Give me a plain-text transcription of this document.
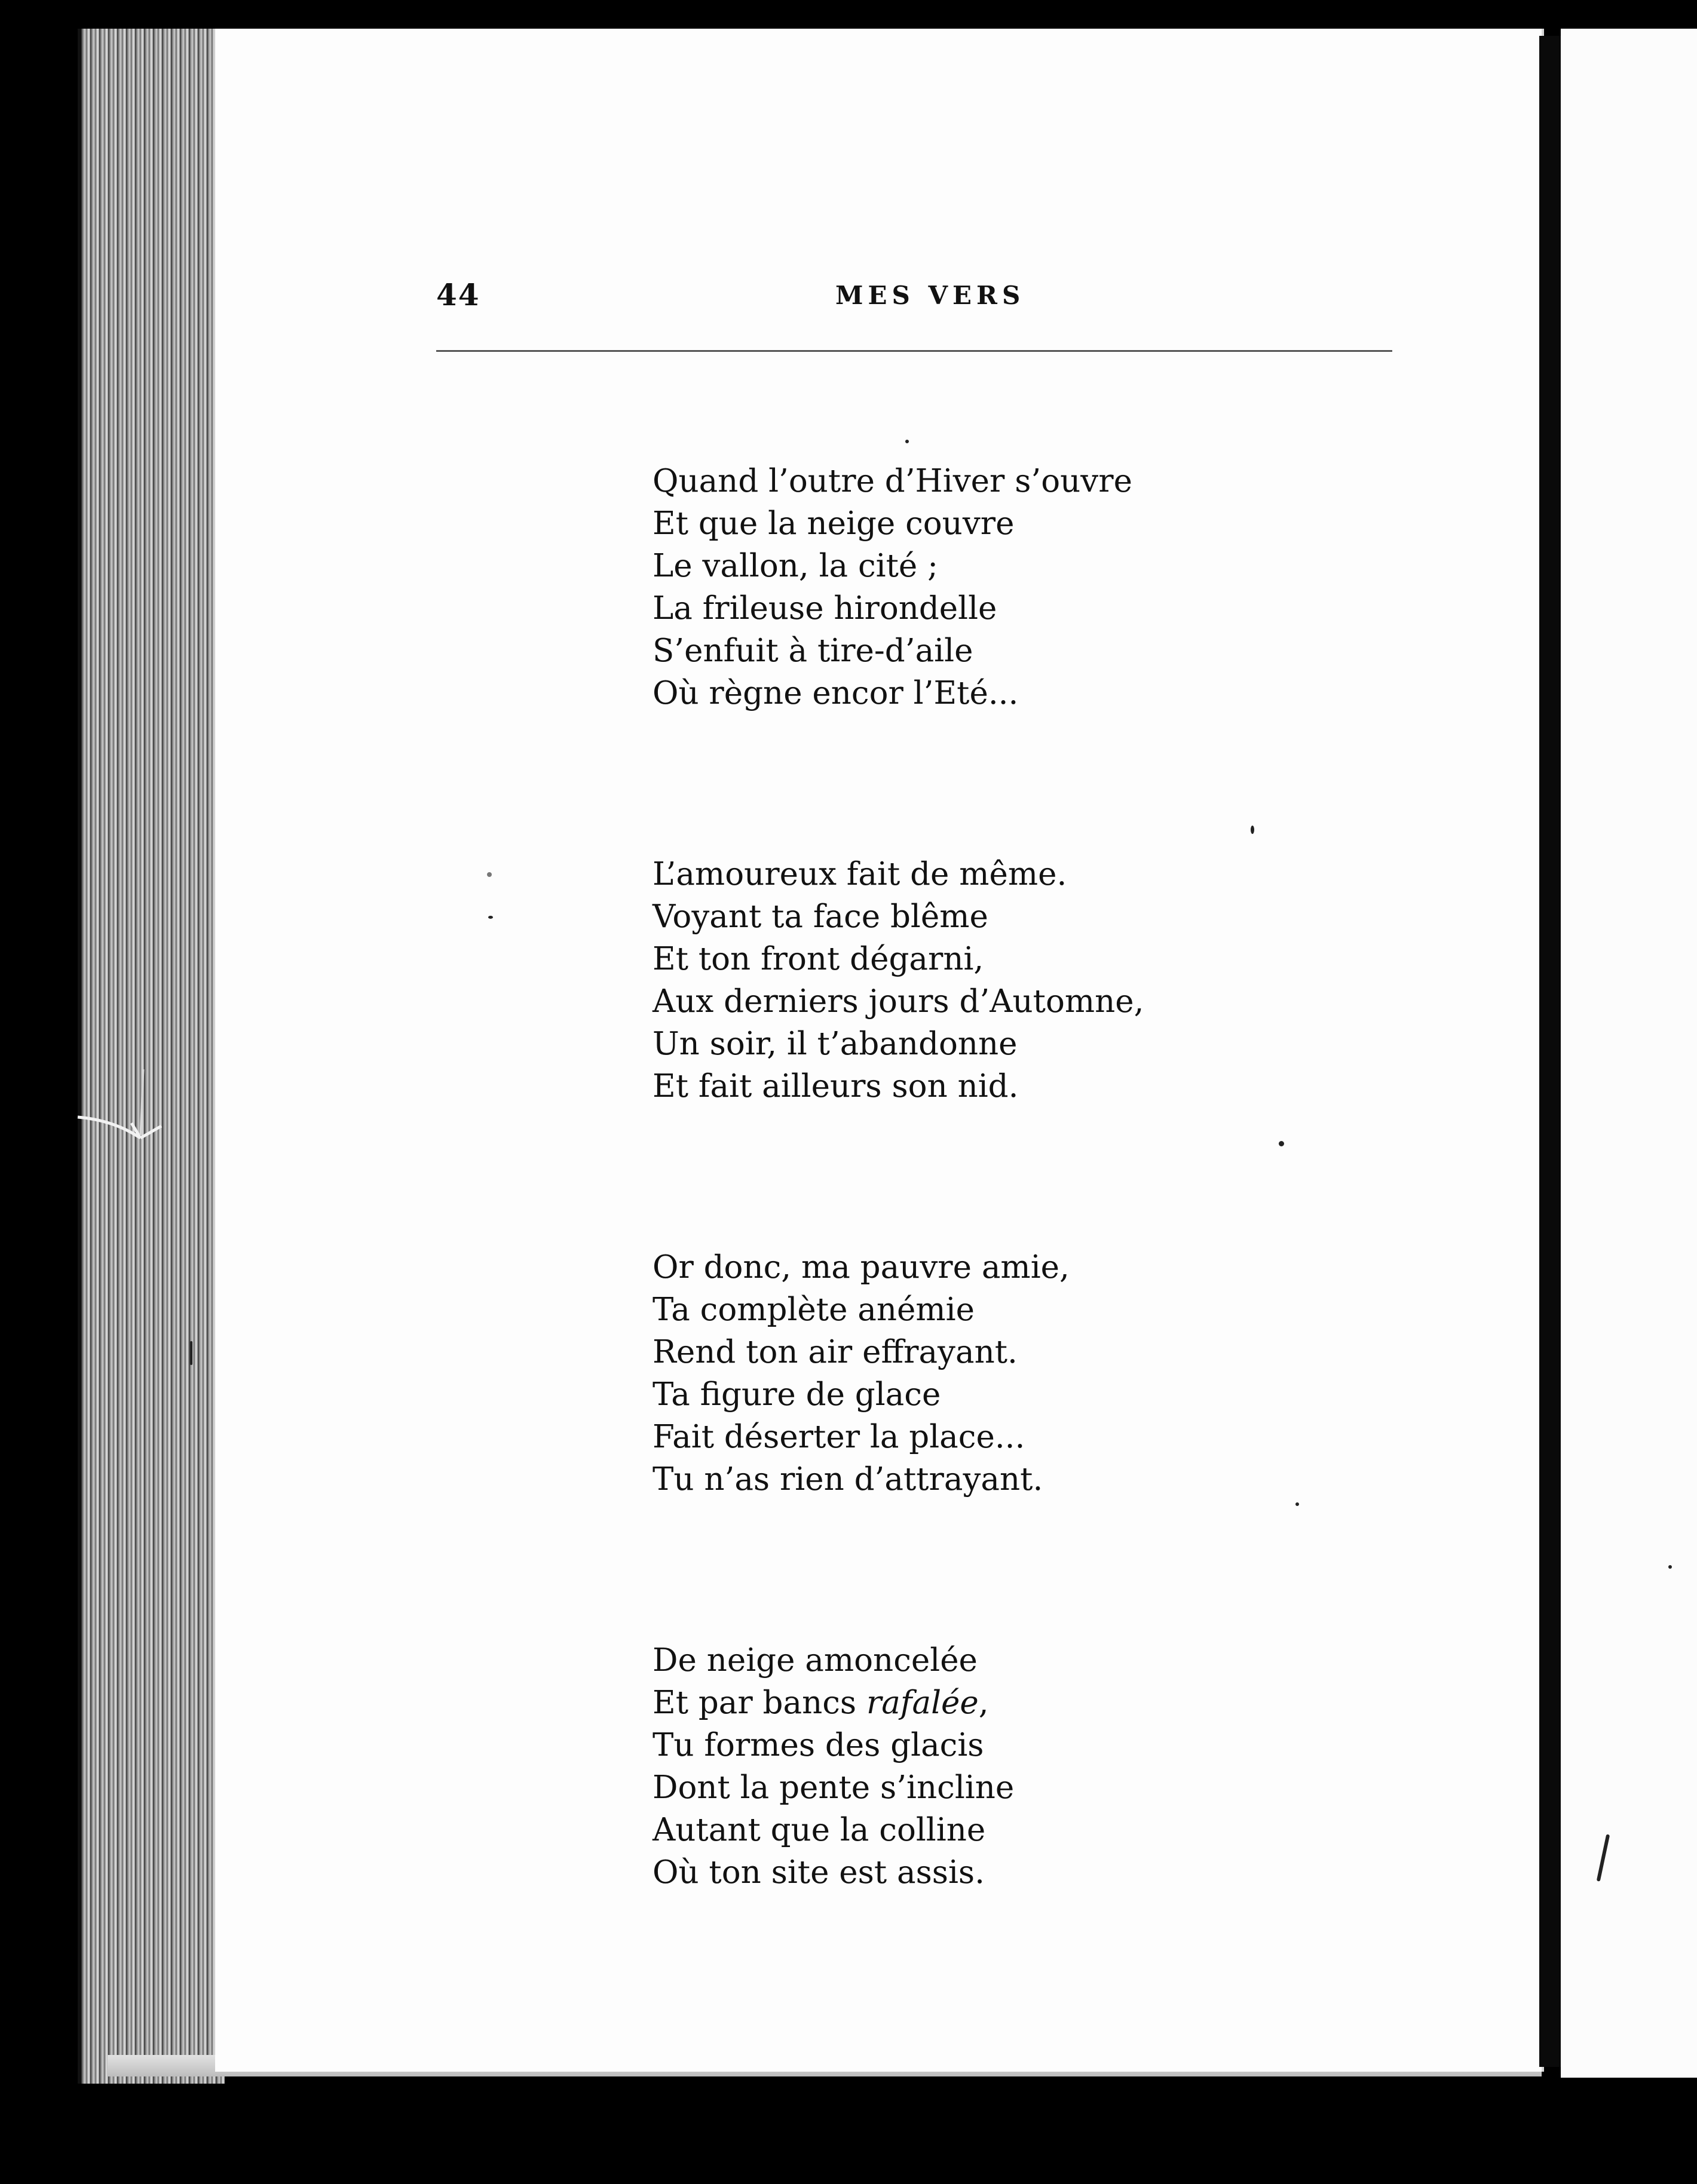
44	MES VERS
Quand l’outre d’Hiver s’ouvre
Et que la neige couvre
Le vallon, la cité ;
La frileuse hirondelle
S’enfuit à tire-d’aile
Où règne encor l’Eté...
L’amoureux fait de même.
Voyant ta face blême
Et ton front dégarni,
Aux derniers jours d’Automne,
Un soir, il t’abandonne
Et fait ailleurs son nid.
Or donc, ma pauvre amie,
Ta complète anémie
Rend ton air effrayant.
Ta figure de glace
Fait déserter la place...
Tu n’as rien d’attrayant.
De neige amoncelée
Et par bancs rafalée,
Tu formes des glacis
Dont la pente s’incline
Autant que la colline
Où ton site est assis.
